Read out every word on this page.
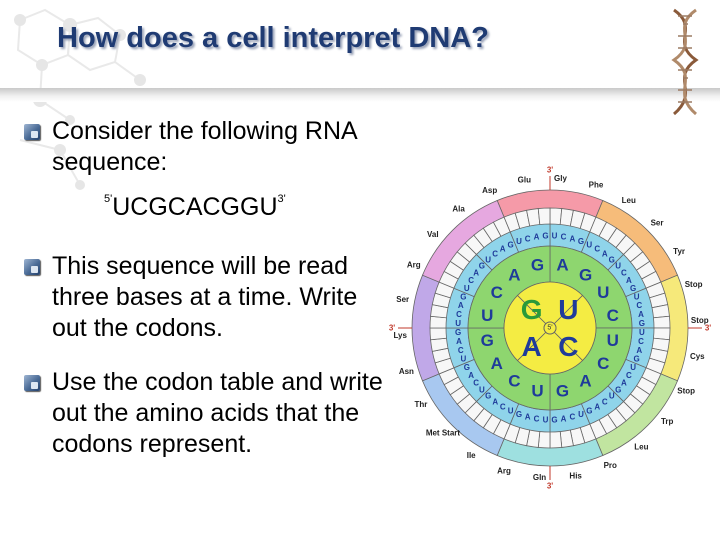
How does a cell interpret DNA?
Consider the following RNA sequence:
$^{5'}UCGCACGGU^{3'}$
This sequence will be read three bases at a time. Write out the codons.
Use the codon table and write out the amino acids that the codons represent.
G U
C
A
A
G
U
C
U
C
A
G
U
C
A
G
U
C
A
G
U C A G U C
A
G
U
C
A
G
U
C
A
G
U
C
A
G
U
C
A
G
U
C
A
G
U
C
A
G
U
C
A
G
U
C
A
G
U
C
A
G
U
C
A
G
U
C
A
G
U
C
A
G
U
C
A G U C A G
5'
Gly
Phe
Leu
Ser
Tyr
Stop
Stop
Cys
Stop
Trp
Leu
Pro
His
Gln
Arg
Ile
Met Start
Thr
Asn
Lys
Ser
Arg
Val
Ala
Asp
Glu
3'
3'
3'
3'
